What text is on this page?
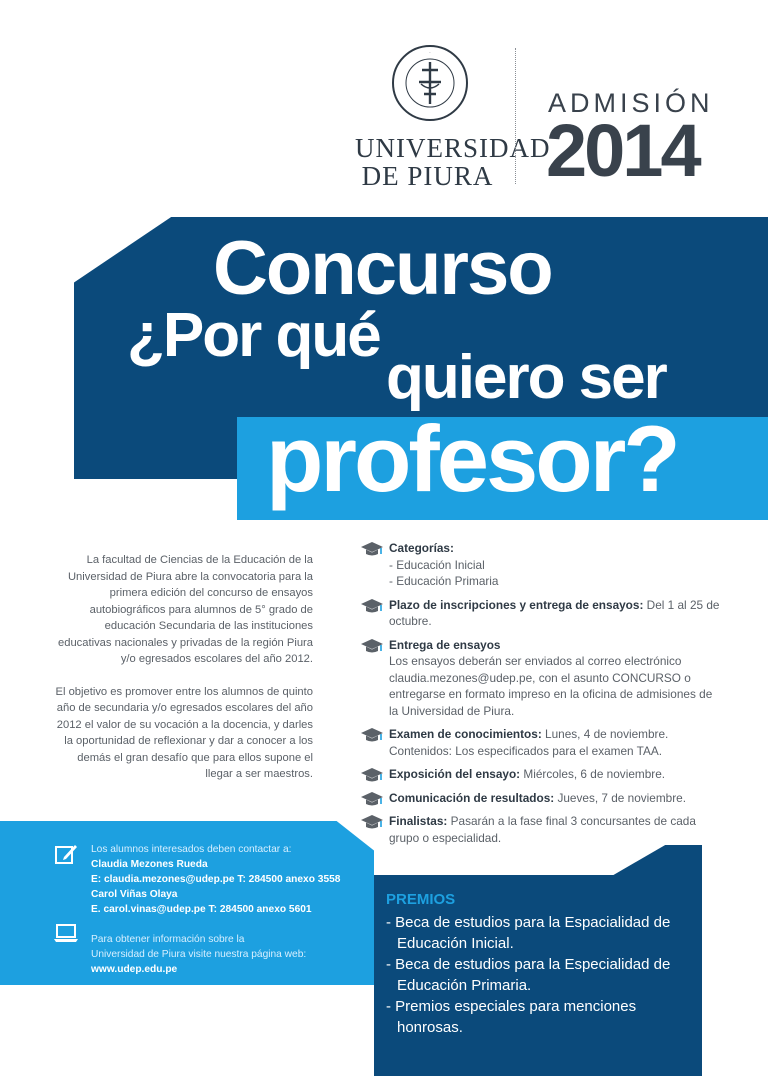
·
UNIVERSIDAD
DE PIURA
ADMISIÓN
2014
Concurso
¿Por qué
quiero ser
profesor?

La facultad de Ciencias de la Educación de la Universidad de Piura abre la convocatoria para la primera edición del concurso de ensayos autobiográficos para alumnos de 5° grado de educación Secundaria de las instituciones educativas nacionales y privadas de la región Piura y/o egresados escolares del año 2012.

El objetivo es promover entre los alumnos de quinto año de secundaria y/o egresados escolares del año 2012 el valor de su vocación a la docencia, y darles la oportunidad de reflexionar y dar a conocer a los demás el gran desafío que para ellos supone el llegar a ser maestros.

Categorías:
- Educación Inicial
- Educación Primaria
Plazo de inscripciones y entrega de ensayos: Del 1 al 25 de octubre.
Entrega de ensayos
Los ensayos deberán ser enviados al correo electrónico claudia.mezones@udep.pe, con el asunto CONCURSO o entregarse en formato impreso en la oficina de admisiones de la Universidad de Piura.
Examen de conocimientos: Lunes, 4 de noviembre.
Contenidos: Los especificados para el examen TAA.
Exposición del ensayo: Miércoles, 6 de noviembre.
Comunicación de resultados: Jueves, 7 de noviembre.
Finalistas: Pasarán a la fase final 3 concursantes de cada grupo o especialidad.
Los alumnos interesados deben contactar a:
Claudia Mezones Rueda
E: claudia.mezones@udep.pe T: 284500 anexo 3558
Carol Viñas Olaya
E. carol.vinas@udep.pe T: 284500 anexo 5601
Para obtener información sobre la
Universidad de Piura visite nuestra página web:
www.udep.edu.pe
PREMIOS
- Beca de estudios para la Espacialidad de Educación Inicial.
- Beca de estudios para la Especialidad de Educación Primaria.
- Premios especiales para menciones honrosas.
